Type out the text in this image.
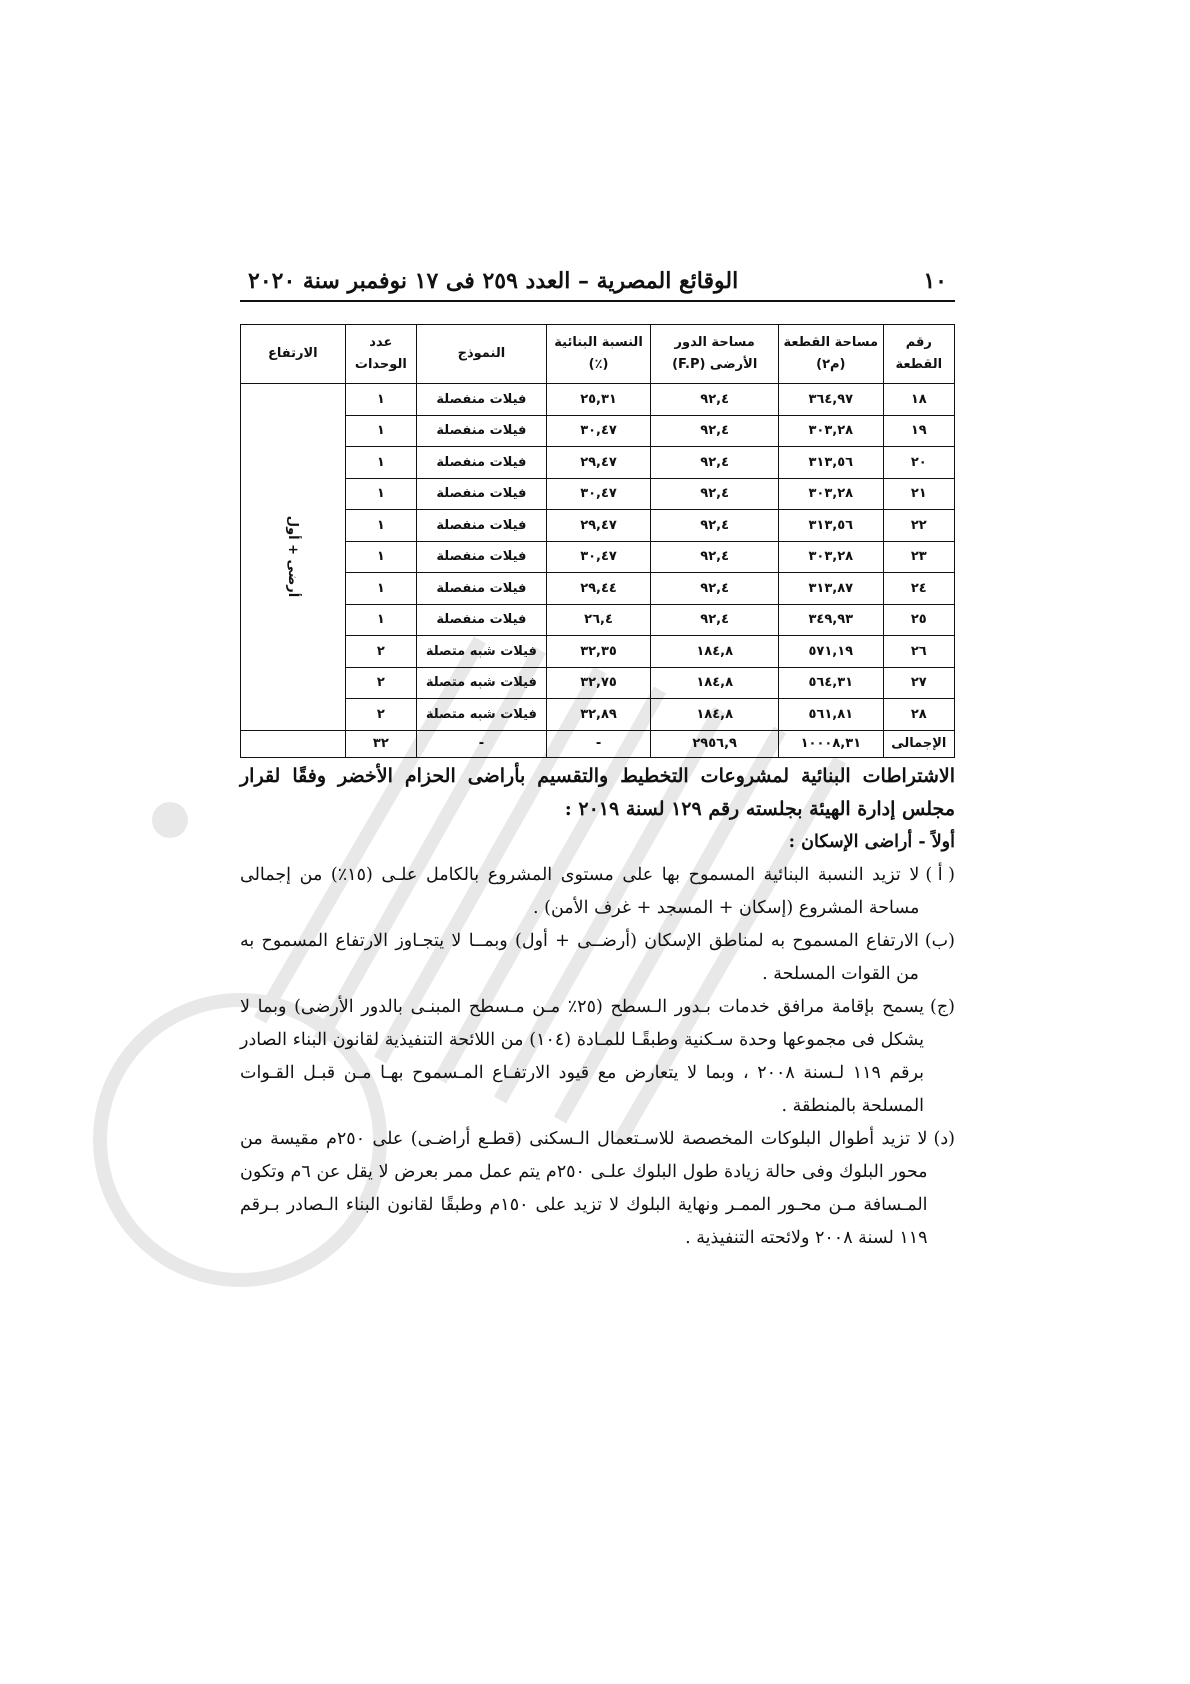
١٠
الوقائع المصرية – العدد ٢٥٩ فى ١٧ نوفمبر سنة ٢٠٢٠
رقم القطعة	مساحة القطعة (م٢)	مساحة الدور الأرضى (F.P)	النسبة البنائية (٪)	النموذج	عدد الوحدات	الارتفاع
١٨	٣٦٤,٩٧	٩٢,٤	٢٥,٣١	فيلات منفصلة	١	أرضى + أول
١٩	٣٠٣,٢٨	٩٢,٤	٣٠,٤٧	فيلات منفصلة	١	
٢٠	٣١٣,٥٦	٩٢,٤	٢٩,٤٧	فيلات منفصلة	١	
٢١	٣٠٣,٢٨	٩٢,٤	٣٠,٤٧	فيلات منفصلة	١	
٢٢	٣١٣,٥٦	٩٢,٤	٢٩,٤٧	فيلات منفصلة	١	
٢٣	٣٠٣,٢٨	٩٢,٤	٣٠,٤٧	فيلات منفصلة	١	
٢٤	٣١٣,٨٧	٩٢,٤	٢٩,٤٤	فيلات منفصلة	١	
٢٥	٣٤٩,٩٣	٩٢,٤	٢٦,٤	فيلات منفصلة	١	
٢٦	٥٧١,١٩	١٨٤,٨	٣٢,٣٥	فيلات شبه متصلة	٢	
٢٧	٥٦٤,٣١	١٨٤,٨	٣٢,٧٥	فيلات شبه متصلة	٢	
٢٨	٥٦١,٨١	١٨٤,٨	٣٢,٨٩	فيلات شبه متصلة	٢	
الإجمالى	١٠٠٠٨,٣١	٢٩٥٦,٩	-	-	٣٢	
الاشتراطات البنائية لمشروعات التخطيط والتقسيم بأراضى الحزام الأخضر وفقًا لقرار مجلس إدارة الهيئة بجلسته رقم ١٢٩ لسنة ٢٠١٩ :
أولاً - أراضى الإسكان :
( أ )
لا تزيد النسبة البنائية المسموح بها على مستوى المشروع بالكامل علـى (١٥٪) من إجمالى مساحة المشروع (إسكان + المسجد + غرف الأمن) .
(ب)
الارتفاع المسموح به لمناطق الإسكان (أرضــى + أول) وبمــا لا يتجـاوز الارتفاع المسموح به من القوات المسلحة .
(ج)
يسمح بإقامة مرافق خدمات بـدور الـسطح (٢٥٪ مـن مـسطح المبنـى بالدور الأرضى) وبما لا يشكل فى مجموعها وحدة سـكنية وطبقًـا للمـادة (١٠٤) من اللائحة التنفيذية لقانون البناء الصادر برقم ١١٩ لـسنة ٢٠٠٨ ، وبما لا يتعارض مع قيود الارتفـاع المـسموح بهـا مـن قبـل القـوات المسلحة بالمنطقة .
(د)
لا تزيد أطوال البلوكات المخصصة للاسـتعمال الـسكنى (قطـع أراضـى) على ٢٥٠م مقيسة من محور البلوك وفى حالة زيادة طول البلوك علـى ٢٥٠م يتم عمل ممر بعرض لا يقل عن ٦م وتكون المـسافة مـن محـور الممـر ونهاية البلوك لا تزيد على ١٥٠م وطبقًا لقانون البناء الـصادر بـرقم ١١٩ لسنة ٢٠٠٨ ولائحته التنفيذية .
